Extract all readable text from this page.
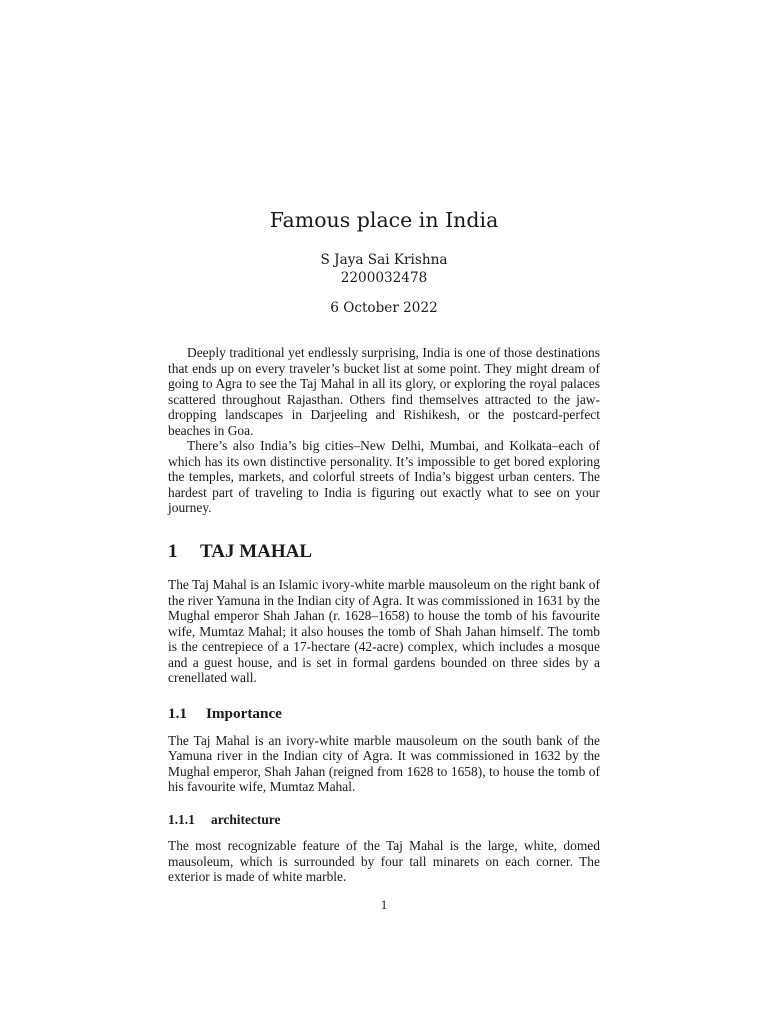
Famous place in India
S Jaya Sai Krishna
2200032478
6 October 2022

Deeply traditional yet endlessly surprising, India is one of those destinations that ends up on every traveler’s bucket list at some point. They might dream of going to Agra to see the Taj Mahal in all its glory, or exploring the royal palaces scattered throughout Rajasthan. Others find themselves attracted to the jaw-dropping landscapes in Darjeeling and Rishikesh, or the postcard-perfect beaches in Goa.

There’s also India’s big cities–New Delhi, Mumbai, and Kolkata–each of which has its own distinctive personality. It’s impossible to get bored exploring the temples, markets, and colorful streets of India’s biggest urban centers. The hardest part of traveling to India is figuring out exactly what to see on your journey.

1	TAJ MAHAL

The Taj Mahal is an Islamic ivory-white marble mausoleum on the right bank of the river Yamuna in the Indian city of Agra. It was commissioned in 1631 by the Mughal emperor Shah Jahan (r. 1628–1658) to house the tomb of his favourite wife, Mumtaz Mahal; it also houses the tomb of Shah Jahan himself. The tomb is the centrepiece of a 17-hectare (42-acre) complex, which includes a mosque and a guest house, and is set in formal gardens bounded on three sides by a crenellated wall.

1.1	Importance

The Taj Mahal is an ivory-white marble mausoleum on the south bank of the Yamuna river in the Indian city of Agra. It was commissioned in 1632 by the Mughal emperor, Shah Jahan (reigned from 1628 to 1658), to house the tomb of his favourite wife, Mumtaz Mahal.

1.1.1	architecture

The most recognizable feature of the Taj Mahal is the large, white, domed mausoleum, which is surrounded by four tall minarets on each corner. The exterior is made of white marble.

1
